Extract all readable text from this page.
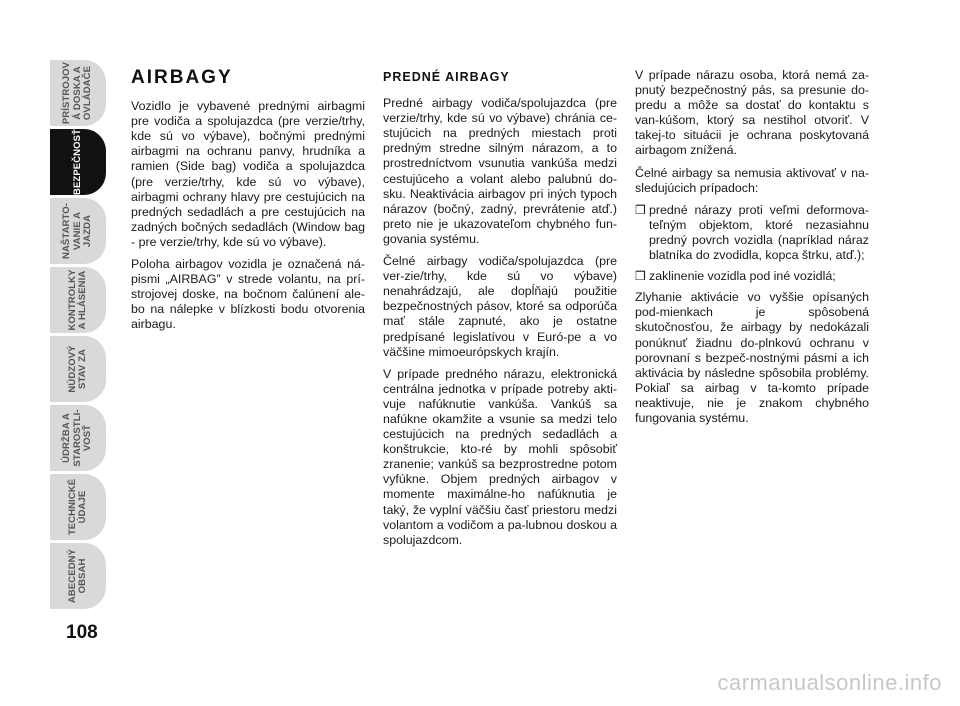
PRÍSTROJOV Á DOSKA A OVLÁDAČE
BEZPEČNOSŤ
NAŠTARTO- VANIE A JAZDA
KONTROLKY A HLÁSENIA
NÚDZOVÝ STAV ZA
ÚDRŽBA A STAROSTLI- VOSŤ
TECHNICKÉ ÚDAJE
ABECEDNÝ OBSAH
108
AIRBAGY

Vozidlo je vybavené prednými airbagmi pre vodiča a spolujazdca (pre verzie/trhy, kde sú vo výbave), bočnými prednými airbagmi na ochranu panvy, hrudníka a ramien (Side bag) vodiča a spolujazdca (pre verzie/trhy, kde sú vo výbave), airbagmi ochrany hlavy pre cestujúcich na predných sedadlách a pre cestujúcich na zadných bočných sedadlách (Window bag - pre verzie/trhy, kde sú vo výbave).

Poloha airbagov vozidla je označená ná-pismi „AIRBAG” v strede volantu, na prí-strojovej doske, na bočnom čalúnení ale-bo na nálepke v blízkosti bodu otvorenia airbagu.

PREDNÉ AIRBAGY

Predné airbagy vodiča/spolujazdca (pre verzie/trhy, kde sú vo výbave) chránia ce-stujúcich na predných miestach proti predným stredne silným nárazom, a to prostredníctvom vsunutia vankúša medzi cestujúceho a volant alebo palubnú do-sku. Neaktivácia airbagov pri iných typoch nárazov (bočný, zadný, prevrátenie atď.) preto nie je ukazovateľom chybného fun-govania systému.

Čelné airbagy vodiča/spolujazdca (pre ver-zie/trhy, kde sú vo výbave) nenahrádzajú, ale dopĺňajú použitie bezpečnostných pásov, ktoré sa odporúča mať stále zapnuté, ako je ostatne predpísané legislatívou v Euró-pe a vo väčšine mimoeurópskych krajín.

V prípade predného nárazu, elektronická centrálna jednotka v prípade potreby akti-vuje nafúknutie vankúša. Vankúš sa nafúkne okamžite a vsunie sa medzi telo cestujúcich na predných sedadlách a konštrukcie, kto-ré by mohli spôsobiť zranenie; vankúš sa bezprostredne potom vyfúkne. Objem predných airbagov v momente maximálne-ho nafúknutia je taký, že vyplní väčšiu časť priestoru medzi volantom a vodičom a pa-lubnou doskou a spolujazdcom.

V prípade nárazu osoba, ktorá nemá za-pnutý bezpečnostný pás, sa presunie do-predu a môže sa dostať do kontaktu s van-kúšom, ktorý sa nestihol otvoriť. V takej-to situácii je ochrana poskytovaná airbagom znížená.

Čelné airbagy sa nemusia aktivovať v na-sledujúcich prípadoch:

❒ predné nárazy proti veľmi deformova-teľným objektom, ktoré nezasiahnu predný povrch vozidla (napríklad náraz blatníka do zvodidla, kopca štrku, atď.);
❒ zaklinenie vozidla pod iné vozidlá;

Zlyhanie aktivácie vo vyššie opísaných pod-mienkach je spôsobená skutočnosťou, že airbagy by nedokázali ponúknuť žiadnu do-plnkovú ochranu v porovnaní s bezpeč-nostnými pásmi a ich aktivácia by následne spôsobila problémy. Pokiaľ sa airbag v ta-komto prípade neaktivuje, nie je znakom chybného fungovania systému.

carmanualsonline.info
